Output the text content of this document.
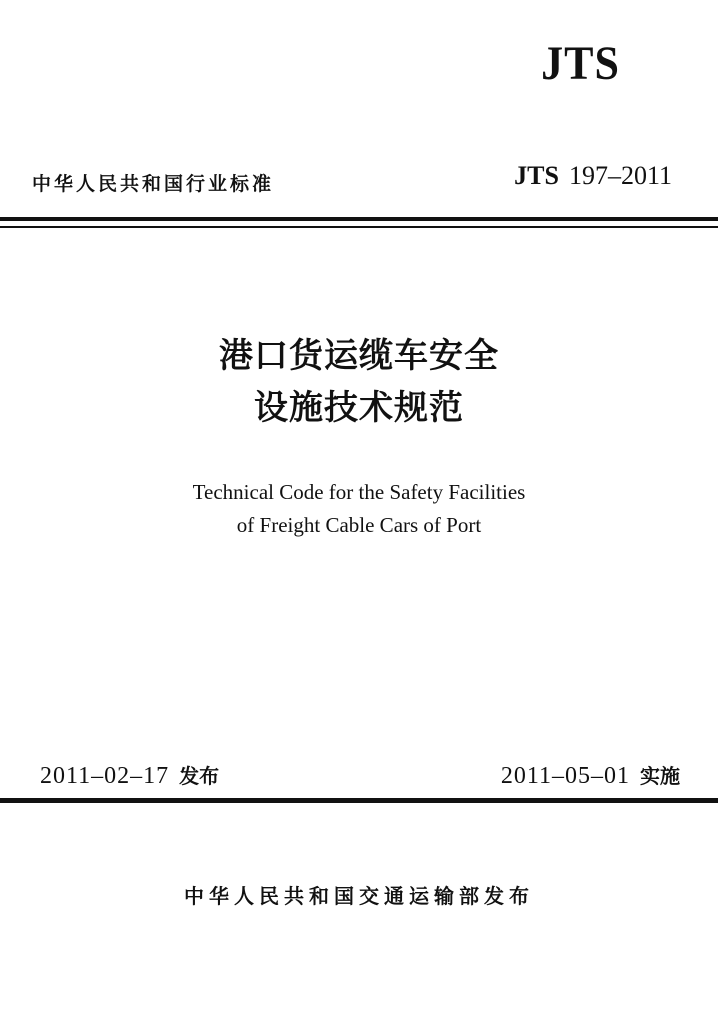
JTS
中华人民共和国行业标准	JTS 197–2011
港口货运缆车安全
设施技术规范
Technical Code for the Safety Facilities
of Freight Cable Cars of Port
2011–02–17 发布	2011–05–01 实施
中华人民共和国交通运输部发布
